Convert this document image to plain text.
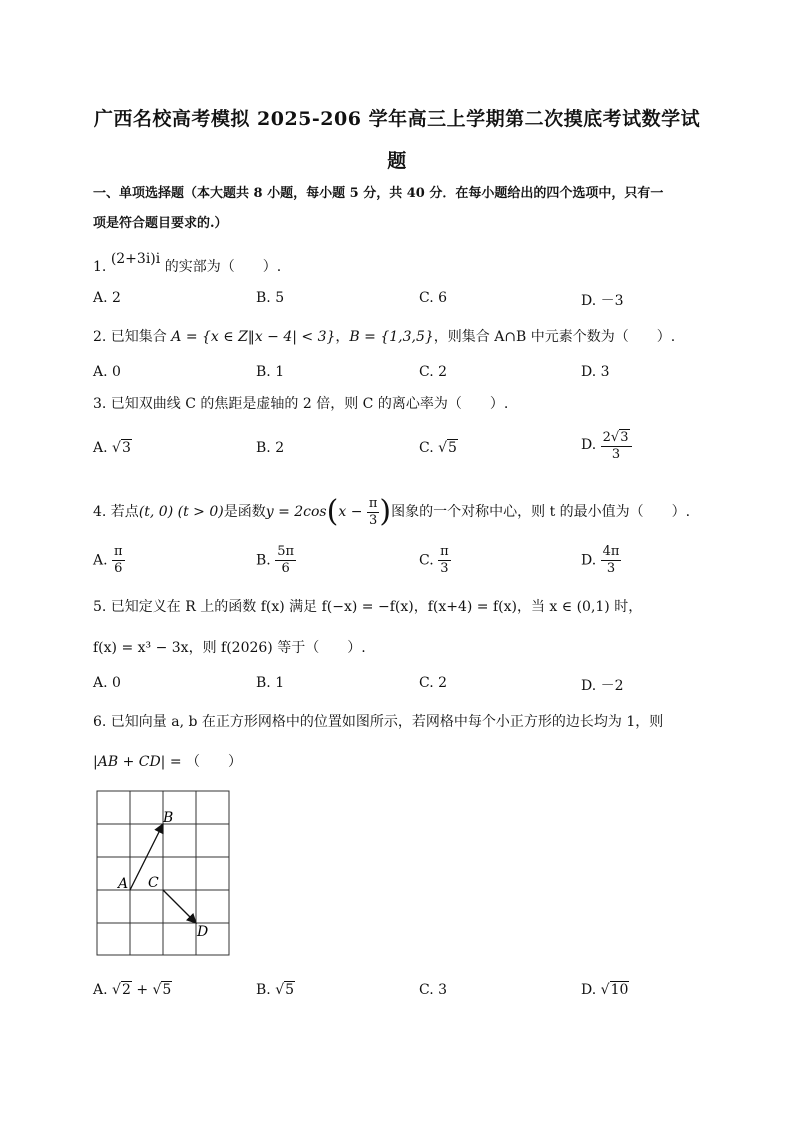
广西名校高考模拟 2025-206 学年高三上学期第二次摸底考试数学试
题
一、单项选择题（本大题共 8 小题，每小题 5 分，共 40 分．在每小题给出的四个选项中，只有一
项是符合题目要求的.）
1. (2+3i)i 的实部为（　　）.
A. 2	B. 5	C. 6	D. －3
2. 已知集合 A = {x ∈ Z‖x − 4| < 3}，B = {1,3,5}，则集合 A∩B 中元素个数为（　　）.
A. 0	B. 1	C. 2	D. 3
3. 已知双曲线 C 的焦距是虚轴的 2 倍，则 C 的离心率为（　　）.
A. √3	B. 2	C. √5	D. $\frac{2√3}{3}$
4. 若点(t, 0) (t > 0)是函数$y = 2\cos(x - \frac{\pi}{3}$ )图象的一个对称中心，则 t 的最小值为（　　）.
A. $\frac{\pi}{6}$	B. $\frac{5\pi}{6}$	C. $\frac{\pi}{3}$	D. $\frac{4\pi}{3}$
5. 已知定义在 R 上的函数 f(x) 满足 f(−x) = −f(x)，f(x+4) = f(x)，当 x ∈ (0,1) 时，
f(x) = x³ − 3x，则 f(2026) 等于（　　）.
A. 0	B. 1	C. 2	D. －2
6. 已知向量 a, b 在正方形网格中的位置如图所示，若网格中每个小正方形的边长均为 1，则
|AB + CD| = （　　）
A
B
C
D
A. √2 + √5	B. √5	C. 3	D. √10
